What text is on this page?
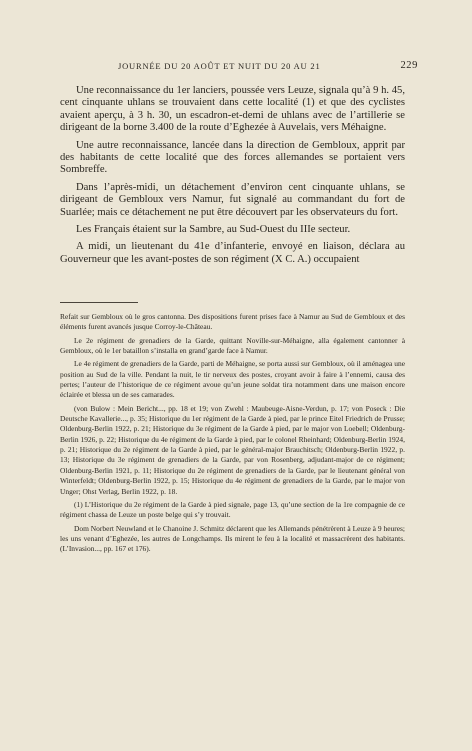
JOURNÉE DU 20 AOÛT ET NUIT DU 20 AU 21	229

Une reconnaissance du 1er lanciers, poussée vers Leuze, signala qu’à 9 h. 45, cent cinquante uhlans se trouvaient dans cette localité (1) et que des cyclistes avaient aperçu, à 3 h. 30, un escadron-et-demi de uhlans avec de l’artillerie se dirigeant de la borne 3.400 de la route d’Eghezée à Auvelais, vers Méhaigne.

Une autre reconnaissance, lancée dans la direction de Gembloux, apprit par des habitants de cette localité que des forces allemandes se portaient vers Sombreffe.

Dans l’après-midi, un détachement d’environ cent cinquante uhlans, se dirigeant de Gembloux vers Namur, fut signalé au commandant du fort de Suarlée; mais ce détachement ne put être découvert par les observateurs du fort.

Les Français étaient sur la Sambre, au Sud-Ouest du IIIe secteur.

A midi, un lieutenant du 41e d’infanterie, envoyé en liaison, déclara au Gouverneur que les avant-postes de son régiment (X C. A.) occupaient

Refait sur Gembloux où le gros cantonna. Des dispositions furent prises face à Namur au Sud de Gembloux et des éléments furent avancés jusque Corroy-le-Château.

Le 2e régiment de grenadiers de la Garde, quittant Noville-sur-Méhaigne, alla également cantonner à Gembloux, où le 1er bataillon s’installa en grand’garde face à Namur.

Le 4e régiment de grenadiers de la Garde, parti de Méhaigne, se porta aussi sur Gembloux, où il aménagea une position au Sud de la ville. Pendant la nuit, le tir nerveux des postes, croyant avoir à faire à l’ennemi, causa des pertes; l’auteur de l’historique de ce régiment avoue qu’un jeune soldat tira notamment dans une maison encore éclairée et blessa un de ses camarades.

(von Bulow : Mein Bericht..., pp. 18 et 19; von Zwehl : Maubeuge-Aisne-Verdun, p. 17; von Poseck : Die Deutsche Kavallerie..., p. 35; Historique du 1er régiment de la Garde à pied, par le prince Eitel Friedrich de Prusse; Oldenburg-Berlin 1922, p. 21; Historique du 3e régiment de la Garde à pied, par le major von Loebell; Oldenburg-Berlin 1926, p. 22; Historique du 4e régiment de la Garde à pied, par le colonel Rheinhard; Oldenburg-Berlin 1924, p. 21; Historique du 2e régiment de la Garde à pied, par le général-major Brauchitsch; Oldenburg-Berlin 1922, p. 13; Historique du 3e régiment de grenadiers de la Garde, par von Rosenberg, adjudant-major de ce régiment; Oldenburg-Berlin 1921, p. 11; Historique du 2e régiment de grenadiers de la Garde, par le lieutenant général von Winterfeldt; Oldenburg-Berlin 1922, p. 15; Historique du 4e régiment de grenadiers de la Garde, par le major von Unger; Ohst Verlag, Berlin 1922, p. 18.

(1) L’Historique du 2e régiment de la Garde à pied signale, page 13, qu’une section de la 1re compagnie de ce régiment chassa de Leuze un poste belge qui s’y trouvait.

Dom Norbert Neuwland et le Chanoine J. Schmitz déclarent que les Allemands pénétrèrent à Leuze à 9 heures; les uns venant d’Eghezée, les autres de Longchamps. Ils mirent le feu à la localité et massacrèrent des habitants. (L’Invasion..., pp. 167 et 176).
